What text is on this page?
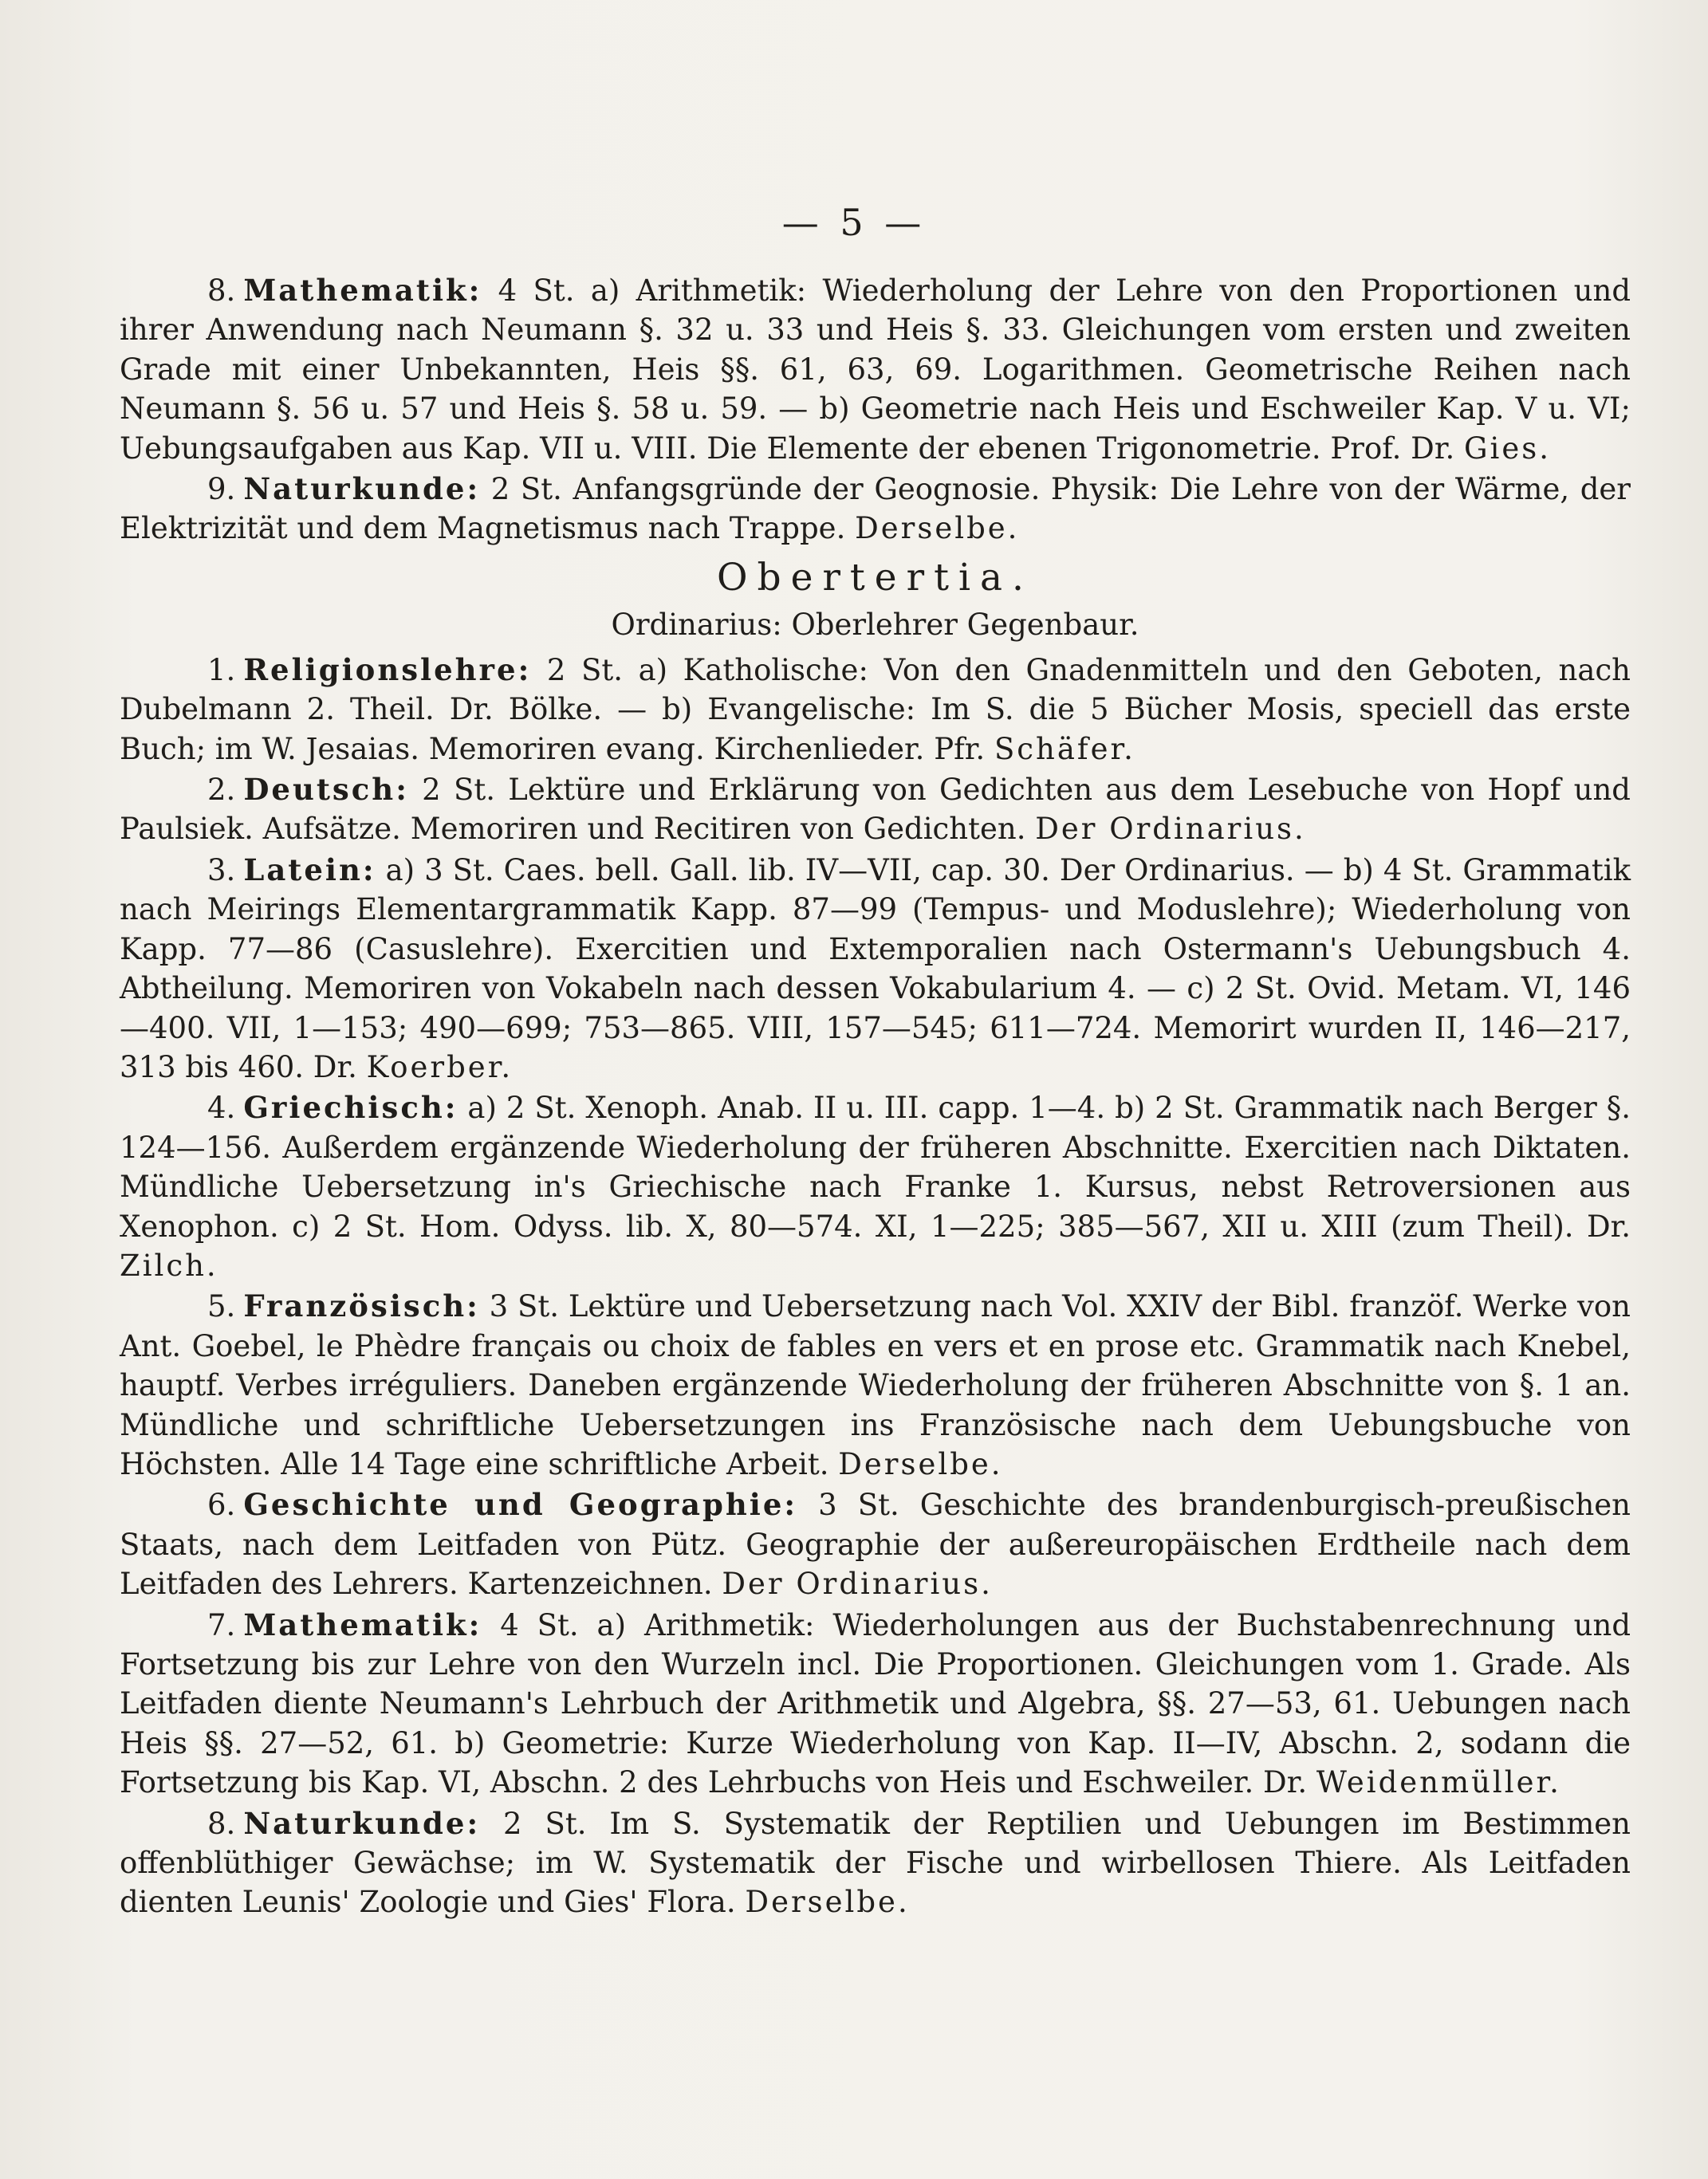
— 5 —

8. Mathematik: 4 St. a) Arithmetik: Wiederholung der Lehre von den Proportionen und ihrer Anwendung nach Neumann §. 32 u. 33 und Heis §. 33. Gleichungen vom ersten und zweiten Grade mit einer Unbekannten, Heis §§. 61, 63, 69. Logarithmen. Geometrische Reihen nach Neumann §. 56 u. 57 und Heis §. 58 u. 59. — b) Geometrie nach Heis und Eschweiler Kap. V u. VI; Uebungsaufgaben aus Kap. VII u. VIII. Die Elemente der ebenen Trigonometrie. Prof. Dr. Gies.

9. Naturkunde: 2 St. Anfangsgründe der Geognosie. Physik: Die Lehre von der Wärme, der Elektrizität und dem Magnetismus nach Trappe. Derselbe.

Obertertia.
Ordinarius: Oberlehrer Gegenbaur.

1. Religionslehre: 2 St. a) Katholische: Von den Gnadenmitteln und den Geboten, nach Dubelmann 2. Theil. Dr. Bölke. — b) Evangelische: Im S. die 5 Bücher Mosis, speciell das erste Buch; im W. Jesaias. Memoriren evang. Kirchenlieder. Pfr. Schäfer.

2. Deutsch: 2 St. Lektüre und Erklärung von Gedichten aus dem Lesebuche von Hopf und Paulsiek. Aufsätze. Memoriren und Recitiren von Gedichten. Der Ordinarius.

3. Latein: a) 3 St. Caes. bell. Gall. lib. IV—VII, cap. 30. Der Ordinarius. — b) 4 St. Grammatik nach Meirings Elementargrammatik Kapp. 87—99 (Tempus- und Moduslehre); Wiederholung von Kapp. 77—86 (Casuslehre). Exercitien und Extemporalien nach Ostermann's Uebungsbuch 4. Abtheilung. Memoriren von Vokabeln nach dessen Vokabularium 4. — c) 2 St. Ovid. Metam. VI, 146—400. VII, 1—153; 490—699; 753—865. VIII, 157—545; 611—724. Memorirt wurden II, 146—217, 313 bis 460. Dr. Koerber.

4. Griechisch: a) 2 St. Xenoph. Anab. II u. III. capp. 1—4. b) 2 St. Grammatik nach Berger §. 124—156. Außerdem ergänzende Wiederholung der früheren Abschnitte. Exercitien nach Diktaten. Mündliche Uebersetzung in's Griechische nach Franke 1. Kursus, nebst Retroversionen aus Xenophon. c) 2 St. Hom. Odyss. lib. X, 80—574. XI, 1—225; 385—567, XII u. XIII (zum Theil). Dr. Zilch.

5. Französisch: 3 St. Lektüre und Uebersetzung nach Vol. XXIV der Bibl. franzöf. Werke von Ant. Goebel, le Phèdre français ou choix de fables en vers et en prose etc. Grammatik nach Knebel, hauptf. Verbes irréguliers. Daneben ergänzende Wiederholung der früheren Abschnitte von §. 1 an. Mündliche und schriftliche Uebersetzungen ins Französische nach dem Uebungsbuche von Höchsten. Alle 14 Tage eine schriftliche Arbeit. Derselbe.

6. Geschichte und Geographie: 3 St. Geschichte des brandenburgisch-preußischen Staats, nach dem Leitfaden von Pütz. Geographie der außereuropäischen Erdtheile nach dem Leitfaden des Lehrers. Kartenzeichnen. Der Ordinarius.

7. Mathematik: 4 St. a) Arithmetik: Wiederholungen aus der Buchstabenrechnung und Fortsetzung bis zur Lehre von den Wurzeln incl. Die Proportionen. Gleichungen vom 1. Grade. Als Leitfaden diente Neumann's Lehrbuch der Arithmetik und Algebra, §§. 27—53, 61. Uebungen nach Heis §§. 27—52, 61. b) Geometrie: Kurze Wiederholung von Kap. II—IV, Abschn. 2, sodann die Fortsetzung bis Kap. VI, Abschn. 2 des Lehrbuchs von Heis und Eschweiler. Dr. Weidenmüller.

8. Naturkunde: 2 St. Im S. Systematik der Reptilien und Uebungen im Bestimmen offenblüthiger Gewächse; im W. Systematik der Fische und wirbellosen Thiere. Als Leitfaden dienten Leunis' Zoologie und Gies' Flora. Derselbe.
